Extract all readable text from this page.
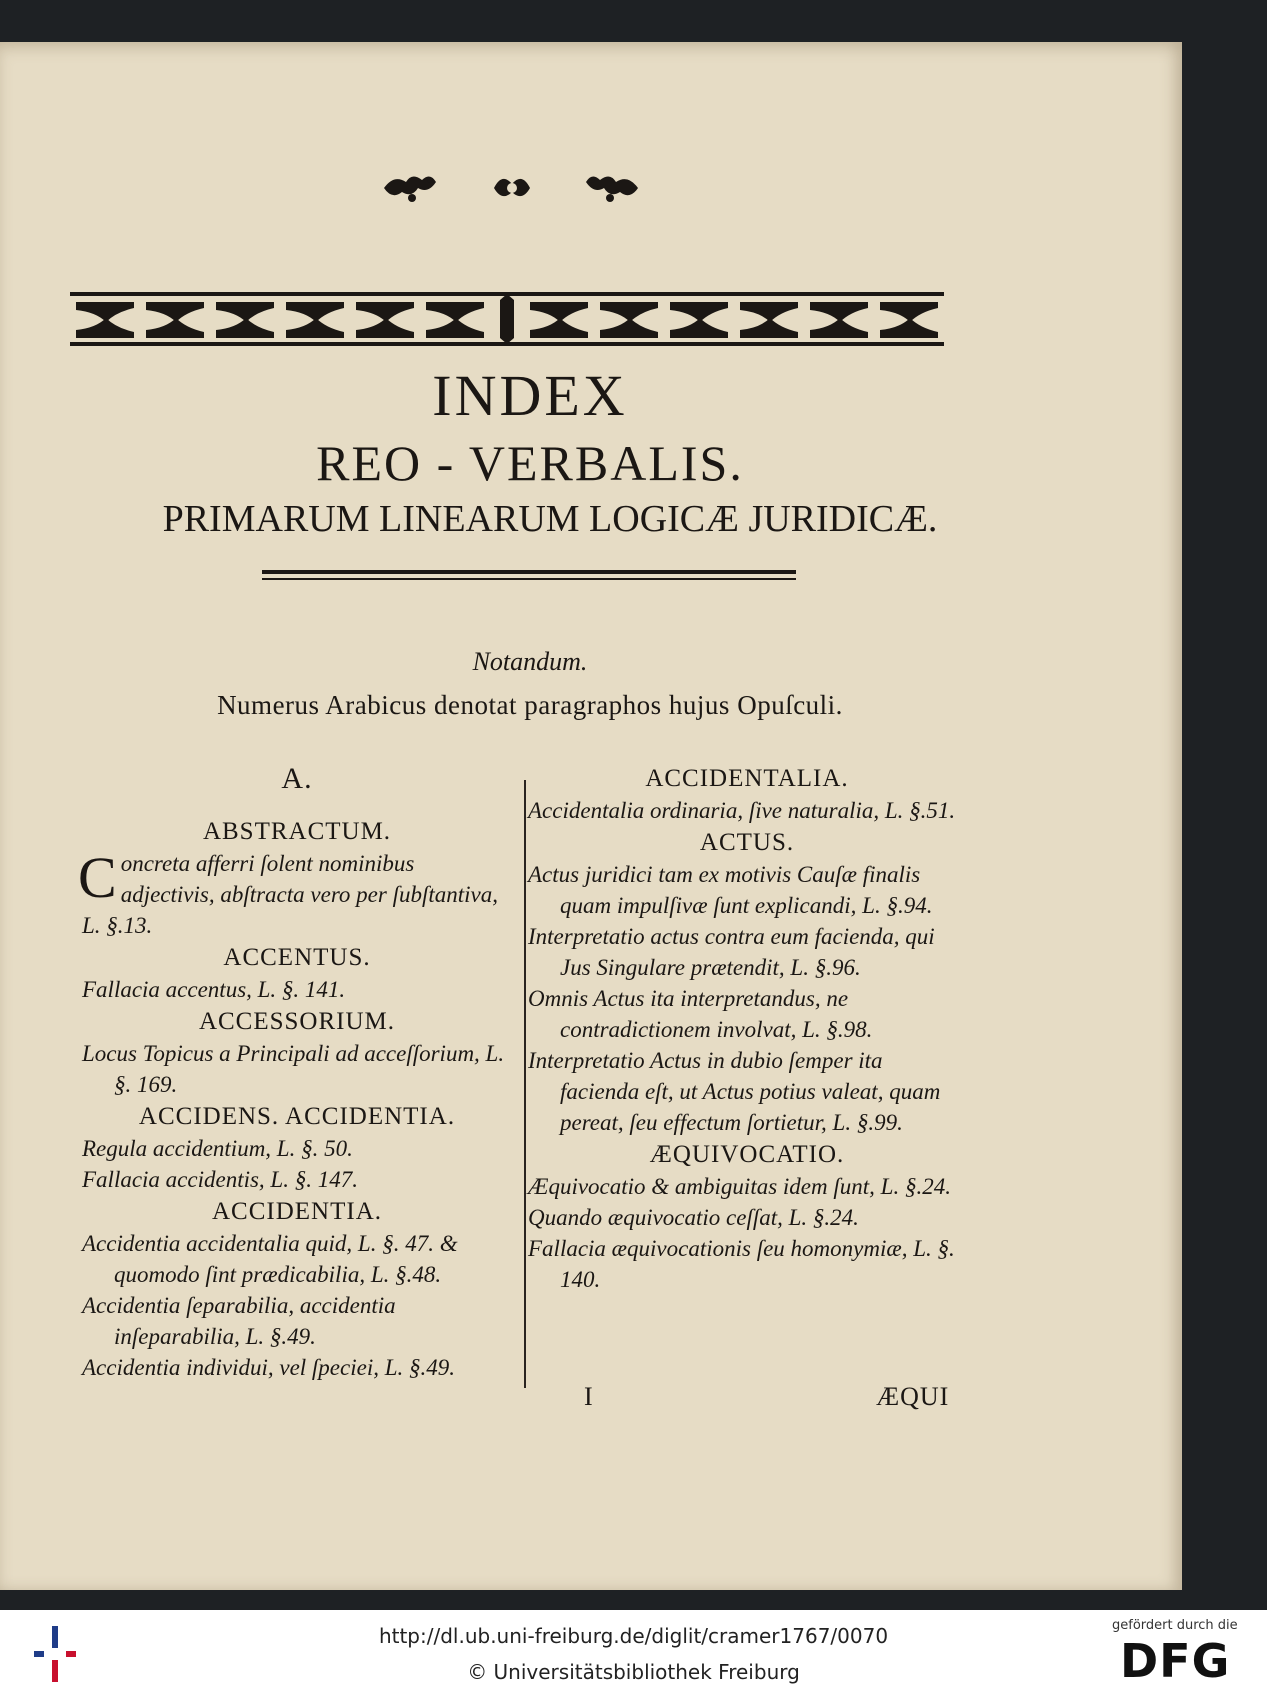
INDEX
REO - VERBALIS.
PRIMARUM LINEARUM LOGICÆ JURIDICÆ.
Notandum.
Numerus Arabicus denotat paragraphos hujus Opuſculi.
A.
ABSTRACTUM.
Concreta afferri ſolent nominibus adjectivis, abſtracta vero per ſubſtantiva, L. §.13.
ACCENTUS.
Fallacia accentus, L. §. 141.
ACCESSORIUM.
Locus Topicus a Principali ad acceſſorium, L. §. 169.
ACCIDENS. ACCIDENTIA.
Regula accidentium, L. §. 50.
Fallacia accidentis, L. §. 147.
ACCIDENTIA.
Accidentia accidentalia quid, L. §. 47. & quomodo ſint prædicabilia, L. §.48.
Accidentia ſeparabilia, accidentia inſeparabilia, L. §.49.
Accidentia individui, vel ſpeciei, L. §.49.
ACCIDENTALIA.
Accidentalia ordinaria, ſive naturalia, L. §.51.
ACTUS.
Actus juridici tam ex motivis Cauſæ finalis quam impulſivæ ſunt explicandi, L. §.94.
Interpretatio actus contra eum facienda, qui Jus Singulare prætendit, L. §.96.
Omnis Actus ita interpretandus, ne contradictionem involvat, L. §.98.
Interpretatio Actus in dubio ſemper ita facienda eſt, ut Actus potius valeat, quam pereat, ſeu effectum ſortietur, L. §.99.
ÆQUIVOCATIO.
Æquivocatio & ambiguitas idem ſunt, L. §.24.
Quando æquivocatio ceſſat, L. §.24.
Fallacia æquivocationis ſeu homonymiæ, L. §. 140.
I	ÆQUI
http://dl.ub.uni-freiburg.de/diglit/cramer1767/0070
© Universitätsbibliothek Freiburg
gefördert durch die
DFG
